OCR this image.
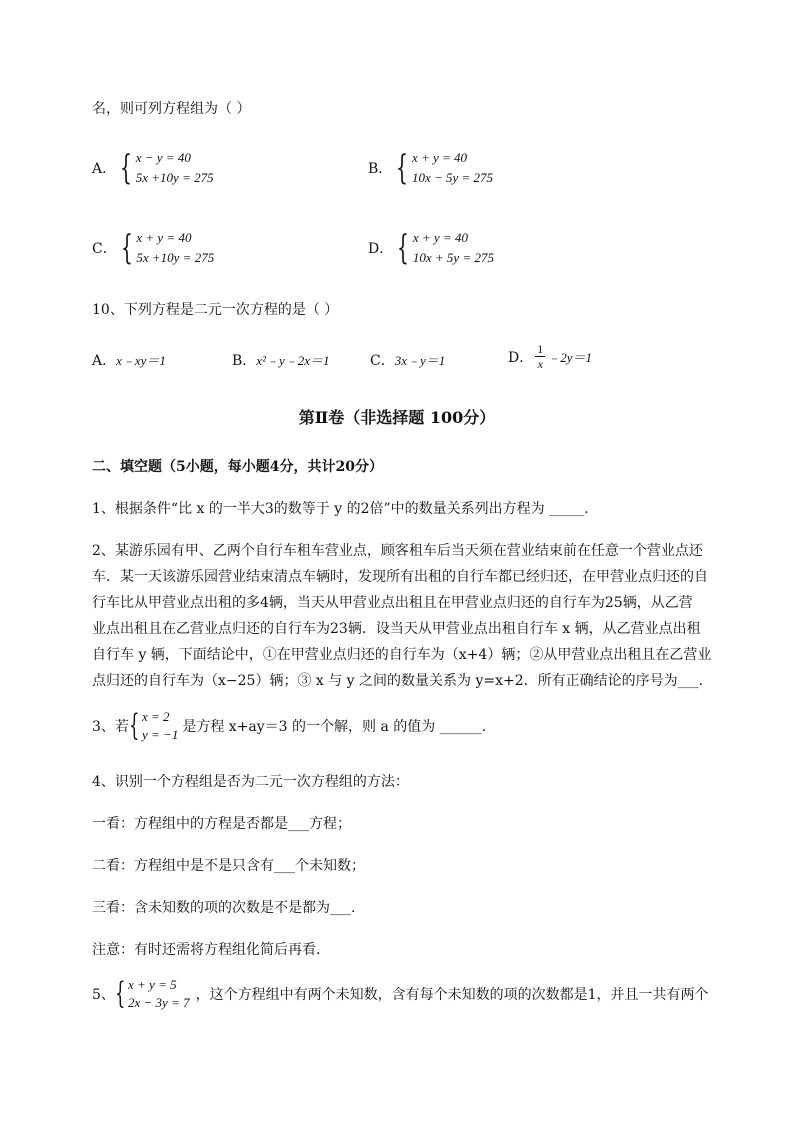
名，则可列方程组为（ ）
A． { x − y = 40
5x +10y = 275
B． { x + y = 40
10x − 5y = 275
C． { x + y = 40
5x +10y = 275
D． { x + y = 40
10x + 5y = 275
10、下列方程是二元一次方程的是（ ）
A．x﹣xy＝1	B．x²﹣y﹣2x＝1	C．3x﹣y＝1	D． $\frac{1}{x}$ ﹣2y＝1
第Ⅱ卷（非选择题 100分）
二、填空题（5小题，每小题4分，共计20分）
1、根据条件“比 x 的一半大3的数等于 y 的2倍”中的数量关系列出方程为 _____.
2、某游乐园有甲、乙两个自行车租车营业点，顾客租车后当天须在营业结束前在任意一个营业点还
车．某一天该游乐园营业结束清点车辆时，发现所有出租的自行车都已经归还，在甲营业点归还的自
行车比从甲营业点出租的多4辆，当天从甲营业点出租且在甲营业点归还的自行车为25辆，从乙营
业点出租且在乙营业点归还的自行车为23辆．设当天从甲营业点出租自行车 x 辆，从乙营业点出租
自行车 y 辆，下面结论中，①在甲营业点归还的自行车为（x+4）辆；②从甲营业点出租且在乙营业
点归还的自行车为（x−25）辆；③ x 与 y 之间的数量关系为 y=x+2．所有正确结论的序号为___.
3、若 { x = 2
y = −1 是方程 x+ay＝3 的一个解，则 a 的值为 ______.
4、识别一个方程组是否为二元一次方程组的方法：
一看：方程组中的方程是否都是___方程；
二看：方程组中是不是只含有___个未知数；
三看：含未知数的项的次数是不是都为___.
注意：有时还需将方程组化简后再看．
5、 { x + y = 5
2x − 3y = 7 ，这个方程组中有两个未知数，含有每个未知数的项的次数都是1，并且一共有两个
